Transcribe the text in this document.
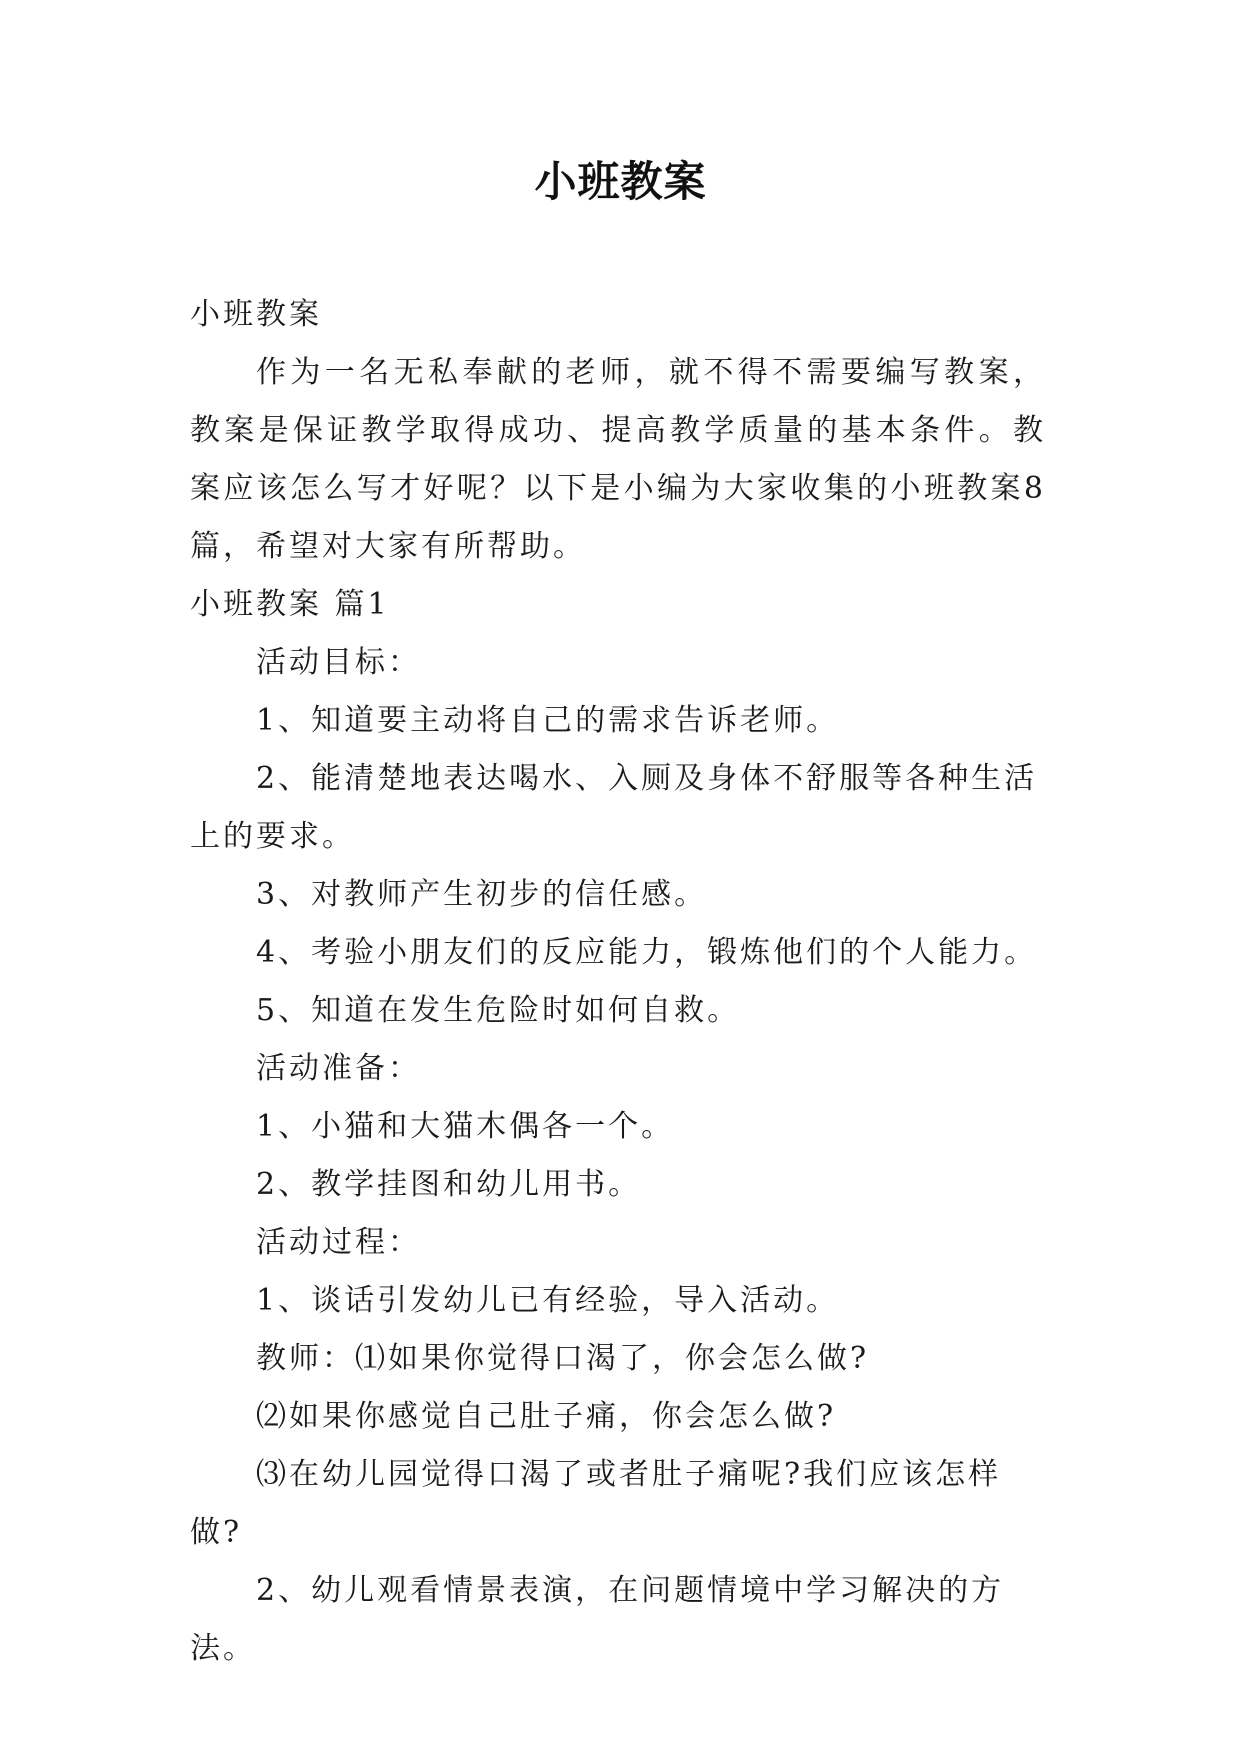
小班教案

小班教案

作为一名无私奉献的老师，就不得不需要编写教案，教案是保证教学取得成功、提高教学质量的基本条件。教案应该怎么写才好呢？以下是小编为大家收集的小班教案8篇，希望对大家有所帮助。

小班教案 篇1

活动目标：

1、知道要主动将自己的需求告诉老师。

2、能清楚地表达喝水、入厕及身体不舒服等各种生活上的要求。

3、对教师产生初步的信任感。

4、考验小朋友们的反应能力，锻炼他们的个人能力。

5、知道在发生危险时如何自救。

活动准备：

1、小猫和大猫木偶各一个。

2、教学挂图和幼儿用书。

活动过程：

1、谈话引发幼儿已有经验，导入活动。

教师：⑴如果你觉得口渴了，你会怎么做?

⑵如果你感觉自己肚子痛，你会怎么做?

⑶在幼儿园觉得口渴了或者肚子痛呢?我们应该怎样做?

2、幼儿观看情景表演，在问题情境中学习解决的方法。
